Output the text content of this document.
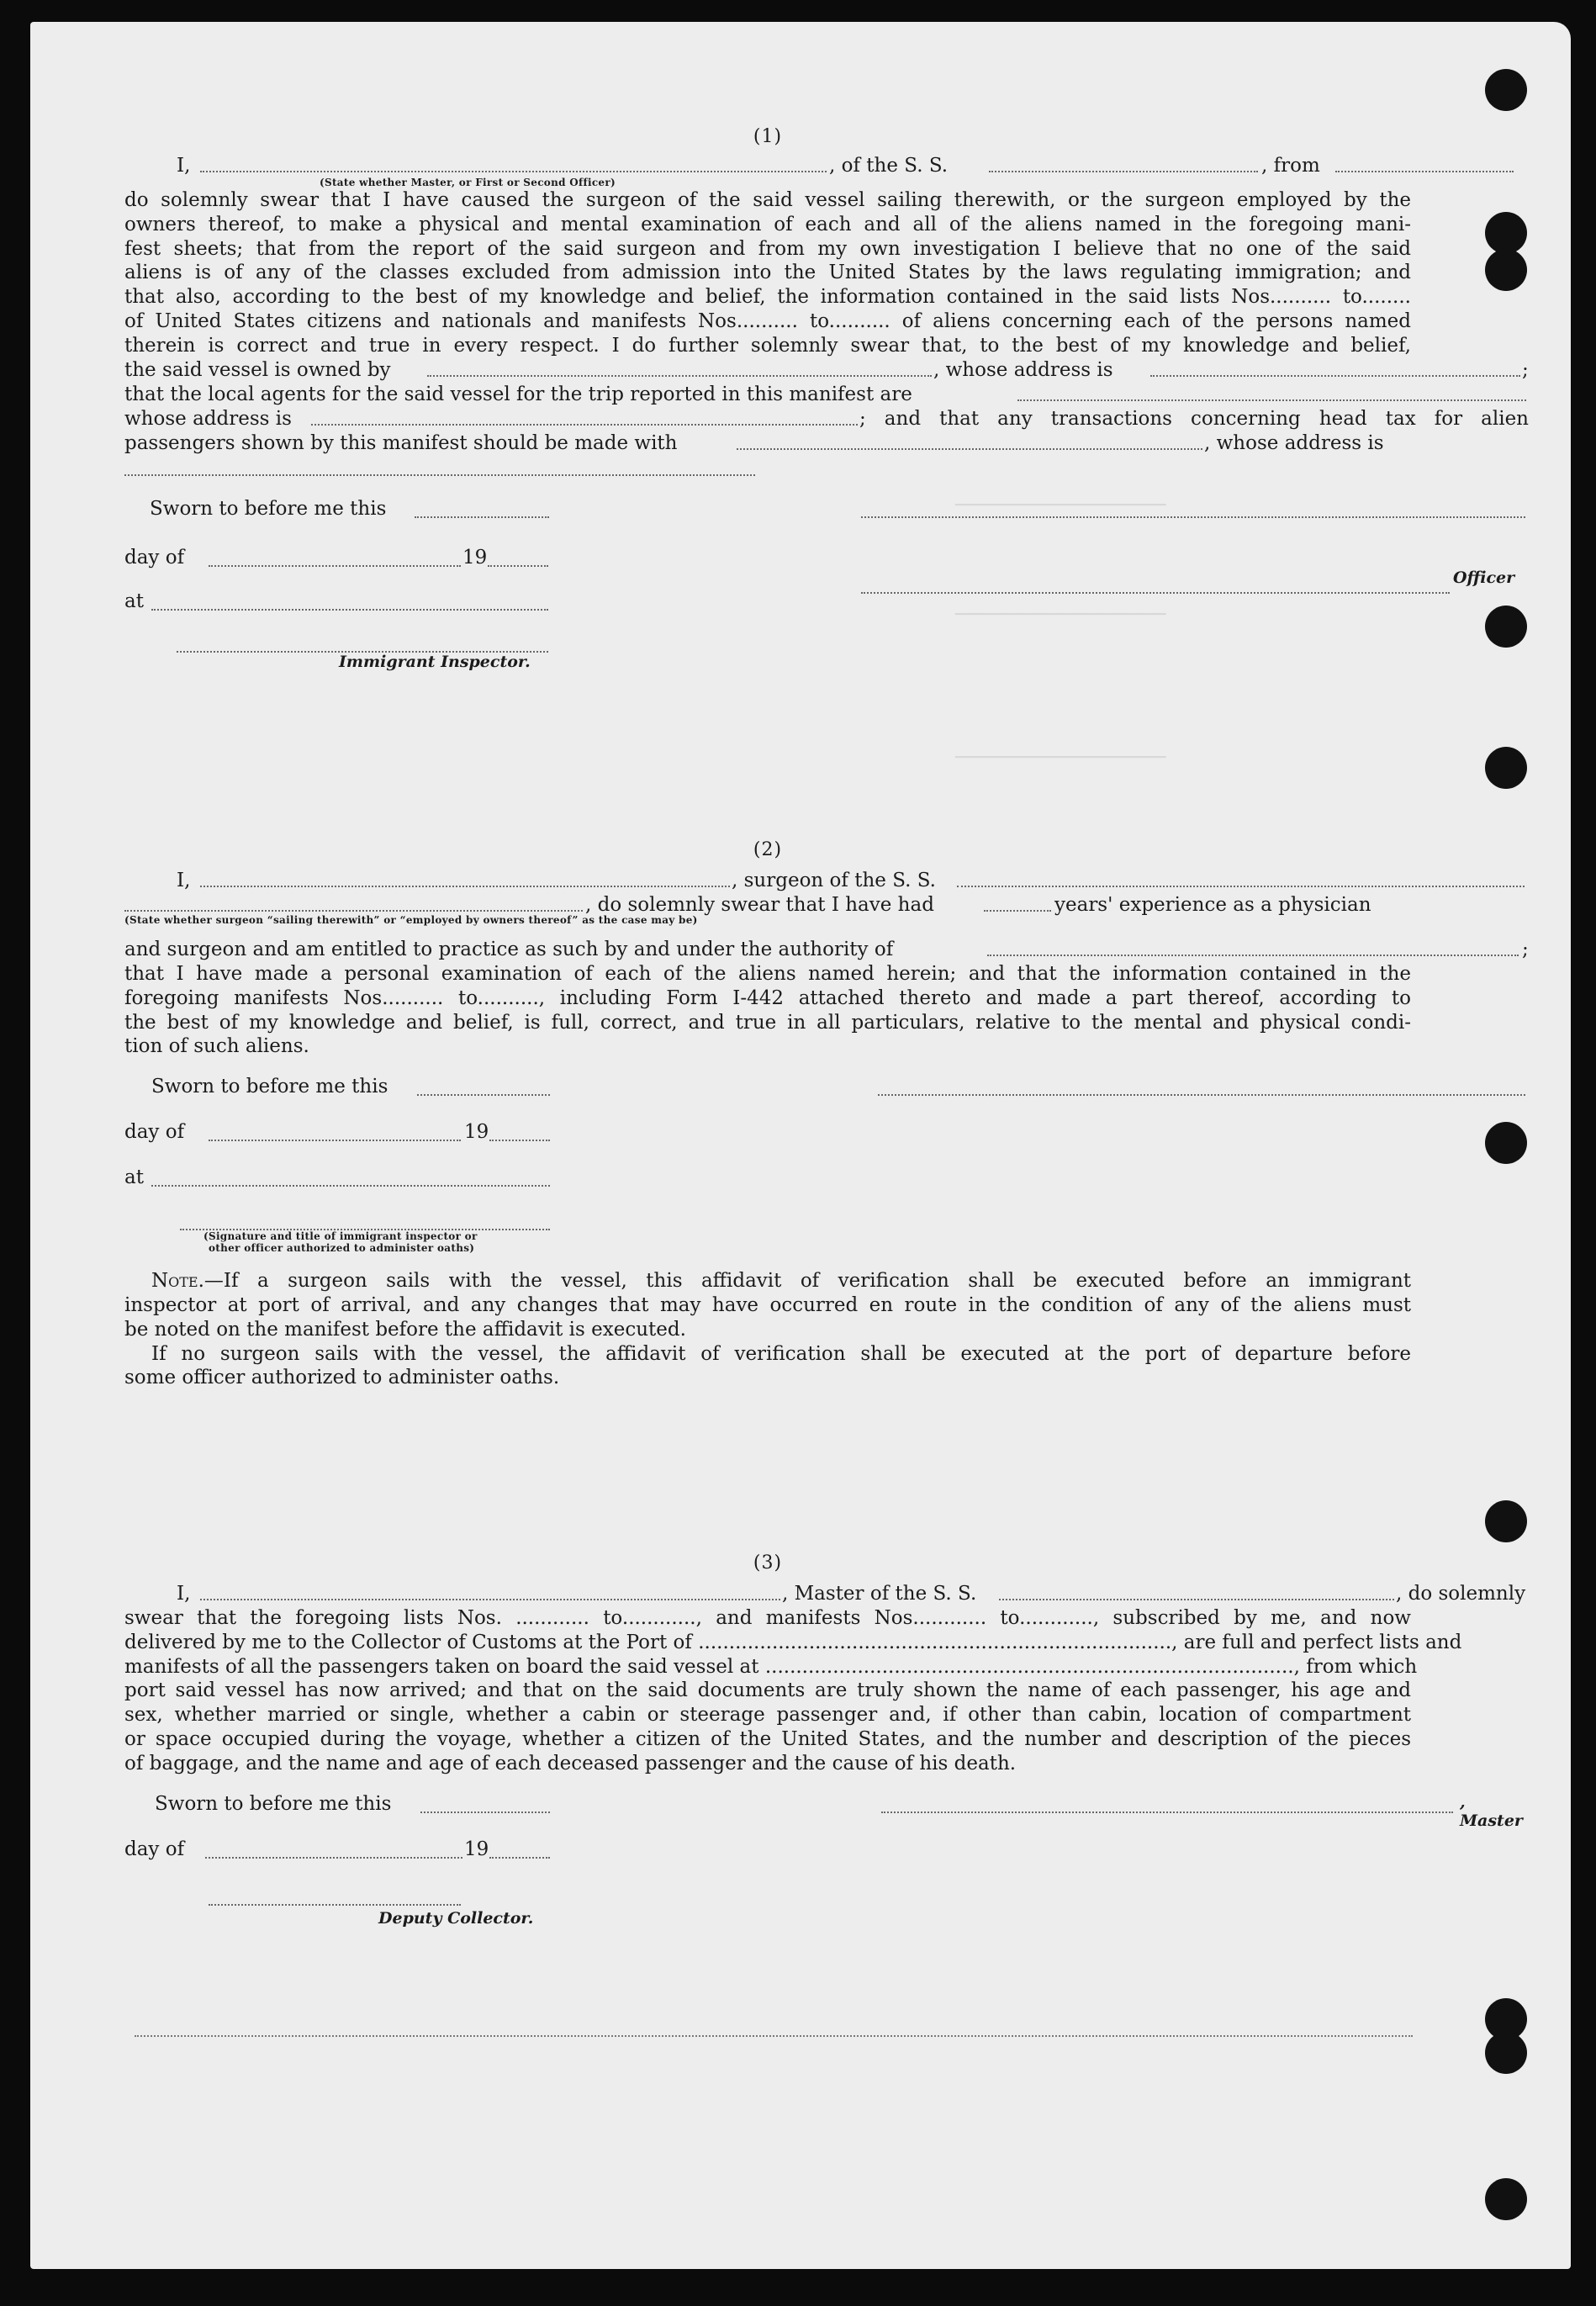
────────────────
────────────────
────────────────
(1)
I,	, of the S. S.	, from
(State whether Master, or First or Second Officer)
do solemnly swear that I have caused the surgeon of the said vessel sailing therewith, or the surgeon employed by the
owners thereof, to make a physical and mental examination of each and all of the aliens named in the foregoing mani-
fest sheets; that from the report of the said surgeon and from my own investigation I believe that no one of the said
aliens is of any of the classes excluded from admission into the United States by the laws regulating immigration; and
that also, according to the best of my knowledge and belief, the information contained in the said lists Nos.......... to........
of United States citizens and nationals and manifests Nos.......... to.......... of aliens concerning each of the persons named
therein is correct and true in every respect. I do further solemnly swear that, to the best of my knowledge and belief,
the said vessel is owned by	, whose address is	;
that the local agents for the said vessel for the trip reported in this manifest are
whose address is	; and that any transactions concerning head tax for alien
passengers shown by this manifest should be made with	, whose address is
Sworn to before me this
day of	19
at
Officer
Immigrant Inspector.
(2)
I,	, surgeon of the S. S.
, do solemnly swear that I have had	years' experience as a physician
(State whether surgeon “sailing therewith” or “employed by owners thereof” as the case may be)
and surgeon and am entitled to practice as such by and under the authority of	;
that I have made a personal examination of each of the aliens named herein; and that the information contained in the
foregoing manifests Nos.......... to.........., including Form I-442 attached thereto and made a part thereof, according to
the best of my knowledge and belief, is full, correct, and true in all particulars, relative to the mental and physical condi-
tion of such aliens.
Sworn to before me this
day of	19
at
(Signature and title of immigrant inspector or
other officer authorized to administer oaths)
Note.—If a surgeon sails with the vessel, this affidavit of verification shall be executed before an immigrant
inspector at port of arrival, and any changes that may have occurred en route in the condition of any of the aliens must
be noted on the manifest before the affidavit is executed.
If no surgeon sails with the vessel, the affidavit of verification shall be executed at the port of departure before
some officer authorized to administer oaths.
(3)
I,	, Master of the S. S.	, do solemnly
swear that the foregoing lists Nos. ............ to............, and manifests Nos............ to............, subscribed by me, and now
delivered by me to the Collector of Customs at the Port of ............................................................................., are full and perfect lists and
manifests of all the passengers taken on board the said vessel at ......................................................................................, from which
port said vessel has now arrived; and that on the said documents are truly shown the name of each passenger, his age and
sex, whether married or single, whether a cabin or steerage passenger and, if other than cabin, location of compartment
or space occupied during the voyage, whether a citizen of the United States, and the number and description of the pieces
of baggage, and the name and age of each deceased passenger and the cause of his death.
Sworn to before me this	, Master
day of	19
Deputy Collector.
